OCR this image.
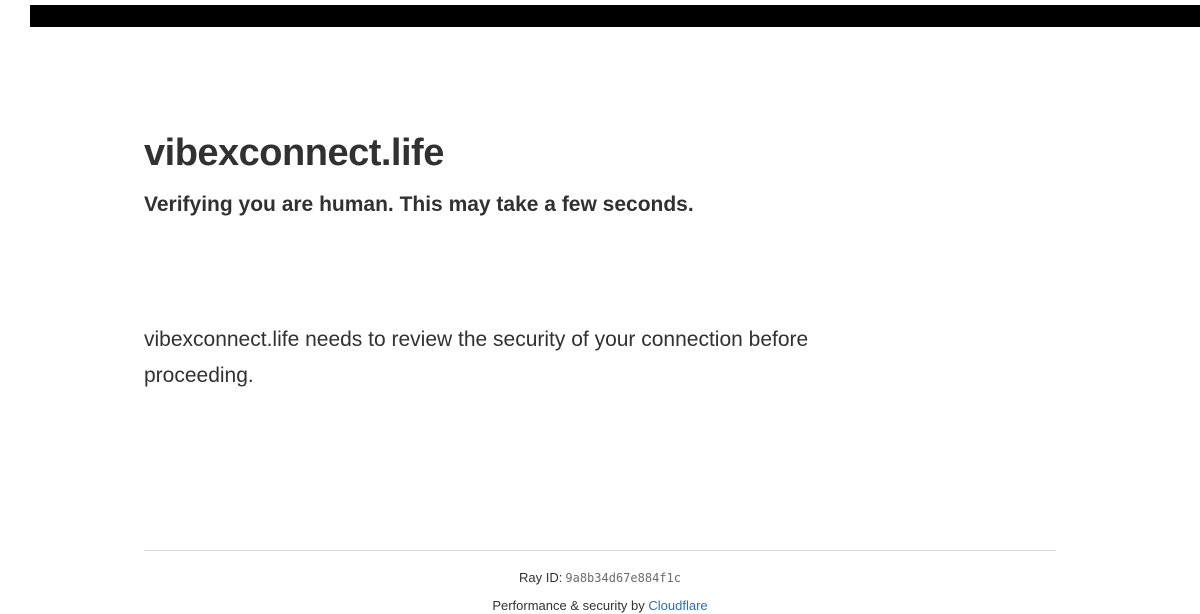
vibexconnect.life
Verifying you are human. This may take a few seconds.

vibexconnect.life needs to review the security of your connection before
proceeding.

Ray ID: 9a8b34d67e884f1c
Performance & security by Cloudflare
